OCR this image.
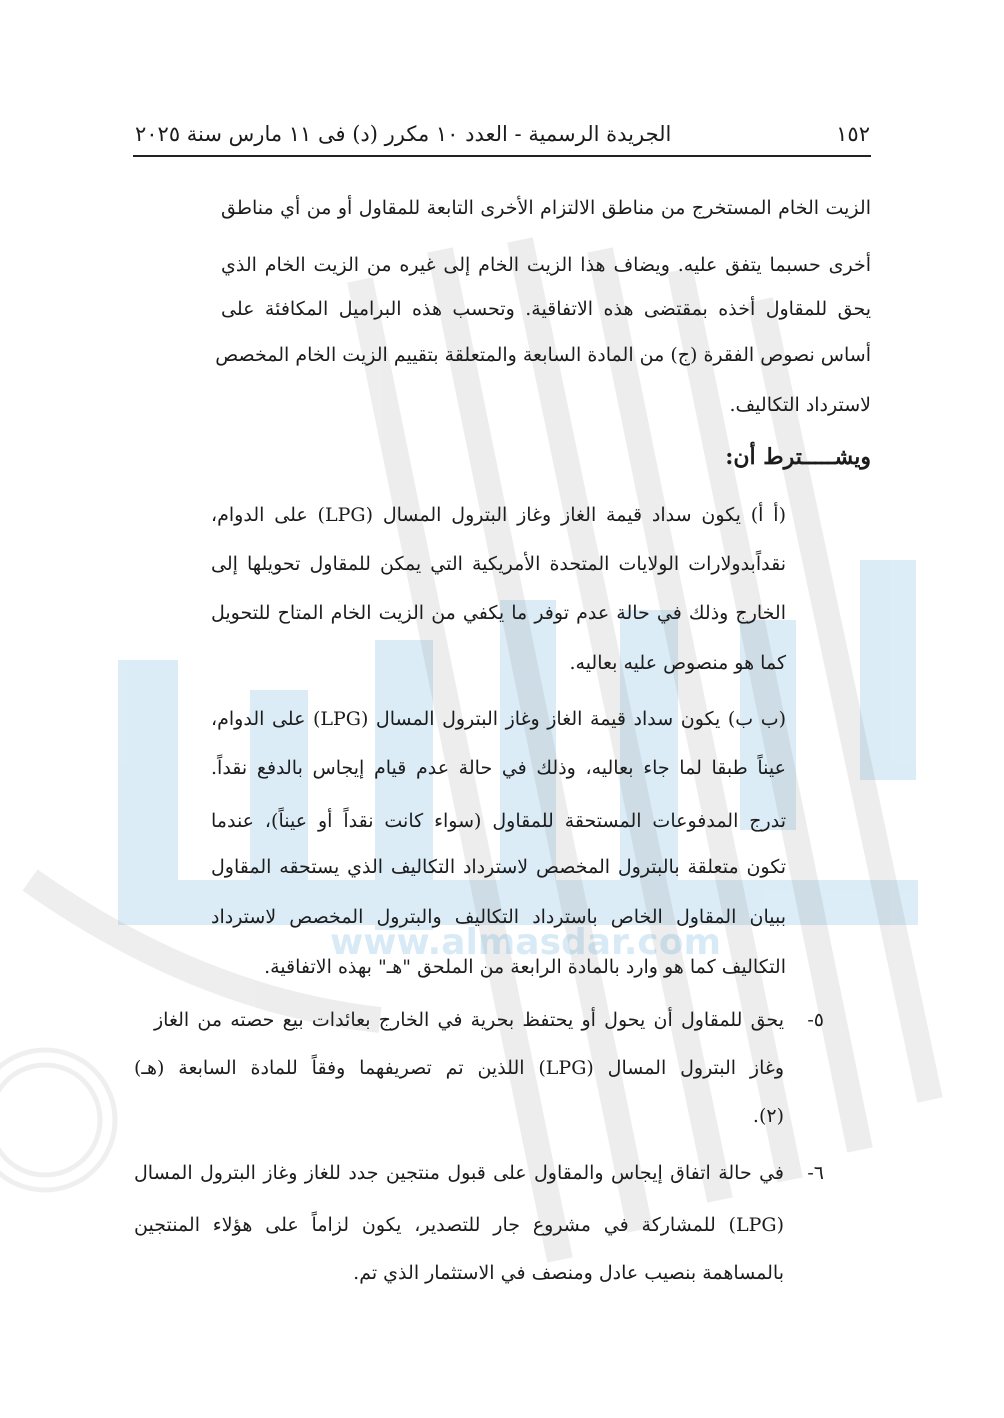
www.almasdar.com
١٥٢
الجريدة الرسمية - العدد ١٠ مكرر (د) فى ١١ مارس سنة ٢٠٢٥
الزيت الخام المستخرج من مناطق الالتزام الأخرى التابعة للمقاول أو من أي مناطق
أخرى حسبما يتفق عليه. ويضاف هذا الزيت الخام إلى غيره من الزيت الخام الذي
يحق للمقاول أخذه بمقتضى هذه الاتفاقية. وتحسب هذه البراميل المكافئة على
أساس نصوص الفقرة (ج) من المادة السابعة والمتعلقة بتقييم الزيت الخام المخصص
لاسترداد التكاليف.
ويشـــــترط أن:
(أ أ) يكون سداد قيمة الغاز وغاز البترول المسال (LPG) على الدوام،
نقداًبدولارات الولايات المتحدة الأمريكية التي يمكن للمقاول تحويلها إلى
الخارج وذلك في حالة عدم توفر ما يكفي من الزيت الخام المتاح للتحويل
كما هو منصوص عليه بعاليه.
(ب ب) يكون سداد قيمة الغاز وغاز البترول المسال (LPG) على الدوام،
عيناً طبقا لما جاء بعاليه، وذلك في حالة عدم قيام إيجاس بالدفع نقداً.
تدرج المدفوعات المستحقة للمقاول (سواء كانت نقداً أو عيناً)، عندما
تكون متعلقة بالبترول المخصص لاسترداد التكاليف الذي يستحقه المقاول
ببيان المقاول الخاص باسترداد التكاليف والبترول المخصص لاسترداد
التكاليف كما هو وارد بالمادة الرابعة من الملحق "هـ" بهذه الاتفاقية.
٥-
يحق للمقاول أن يحول أو يحتفظ بحرية في الخارج بعائدات بيع حصته من الغاز
وغاز البترول المسال (LPG) اللذين تم تصريفهما وفقاً للمادة السابعة (هـ)
(٢).
٦-
في حالة اتفاق إيجاس والمقاول على قبول منتجين جدد للغاز وغاز البترول المسال
(LPG) للمشاركة في مشروع جار للتصدير، يكون لزاماً على هؤلاء المنتجين
بالمساهمة بنصيب عادل ومنصف في الاستثمار الذي تم.
